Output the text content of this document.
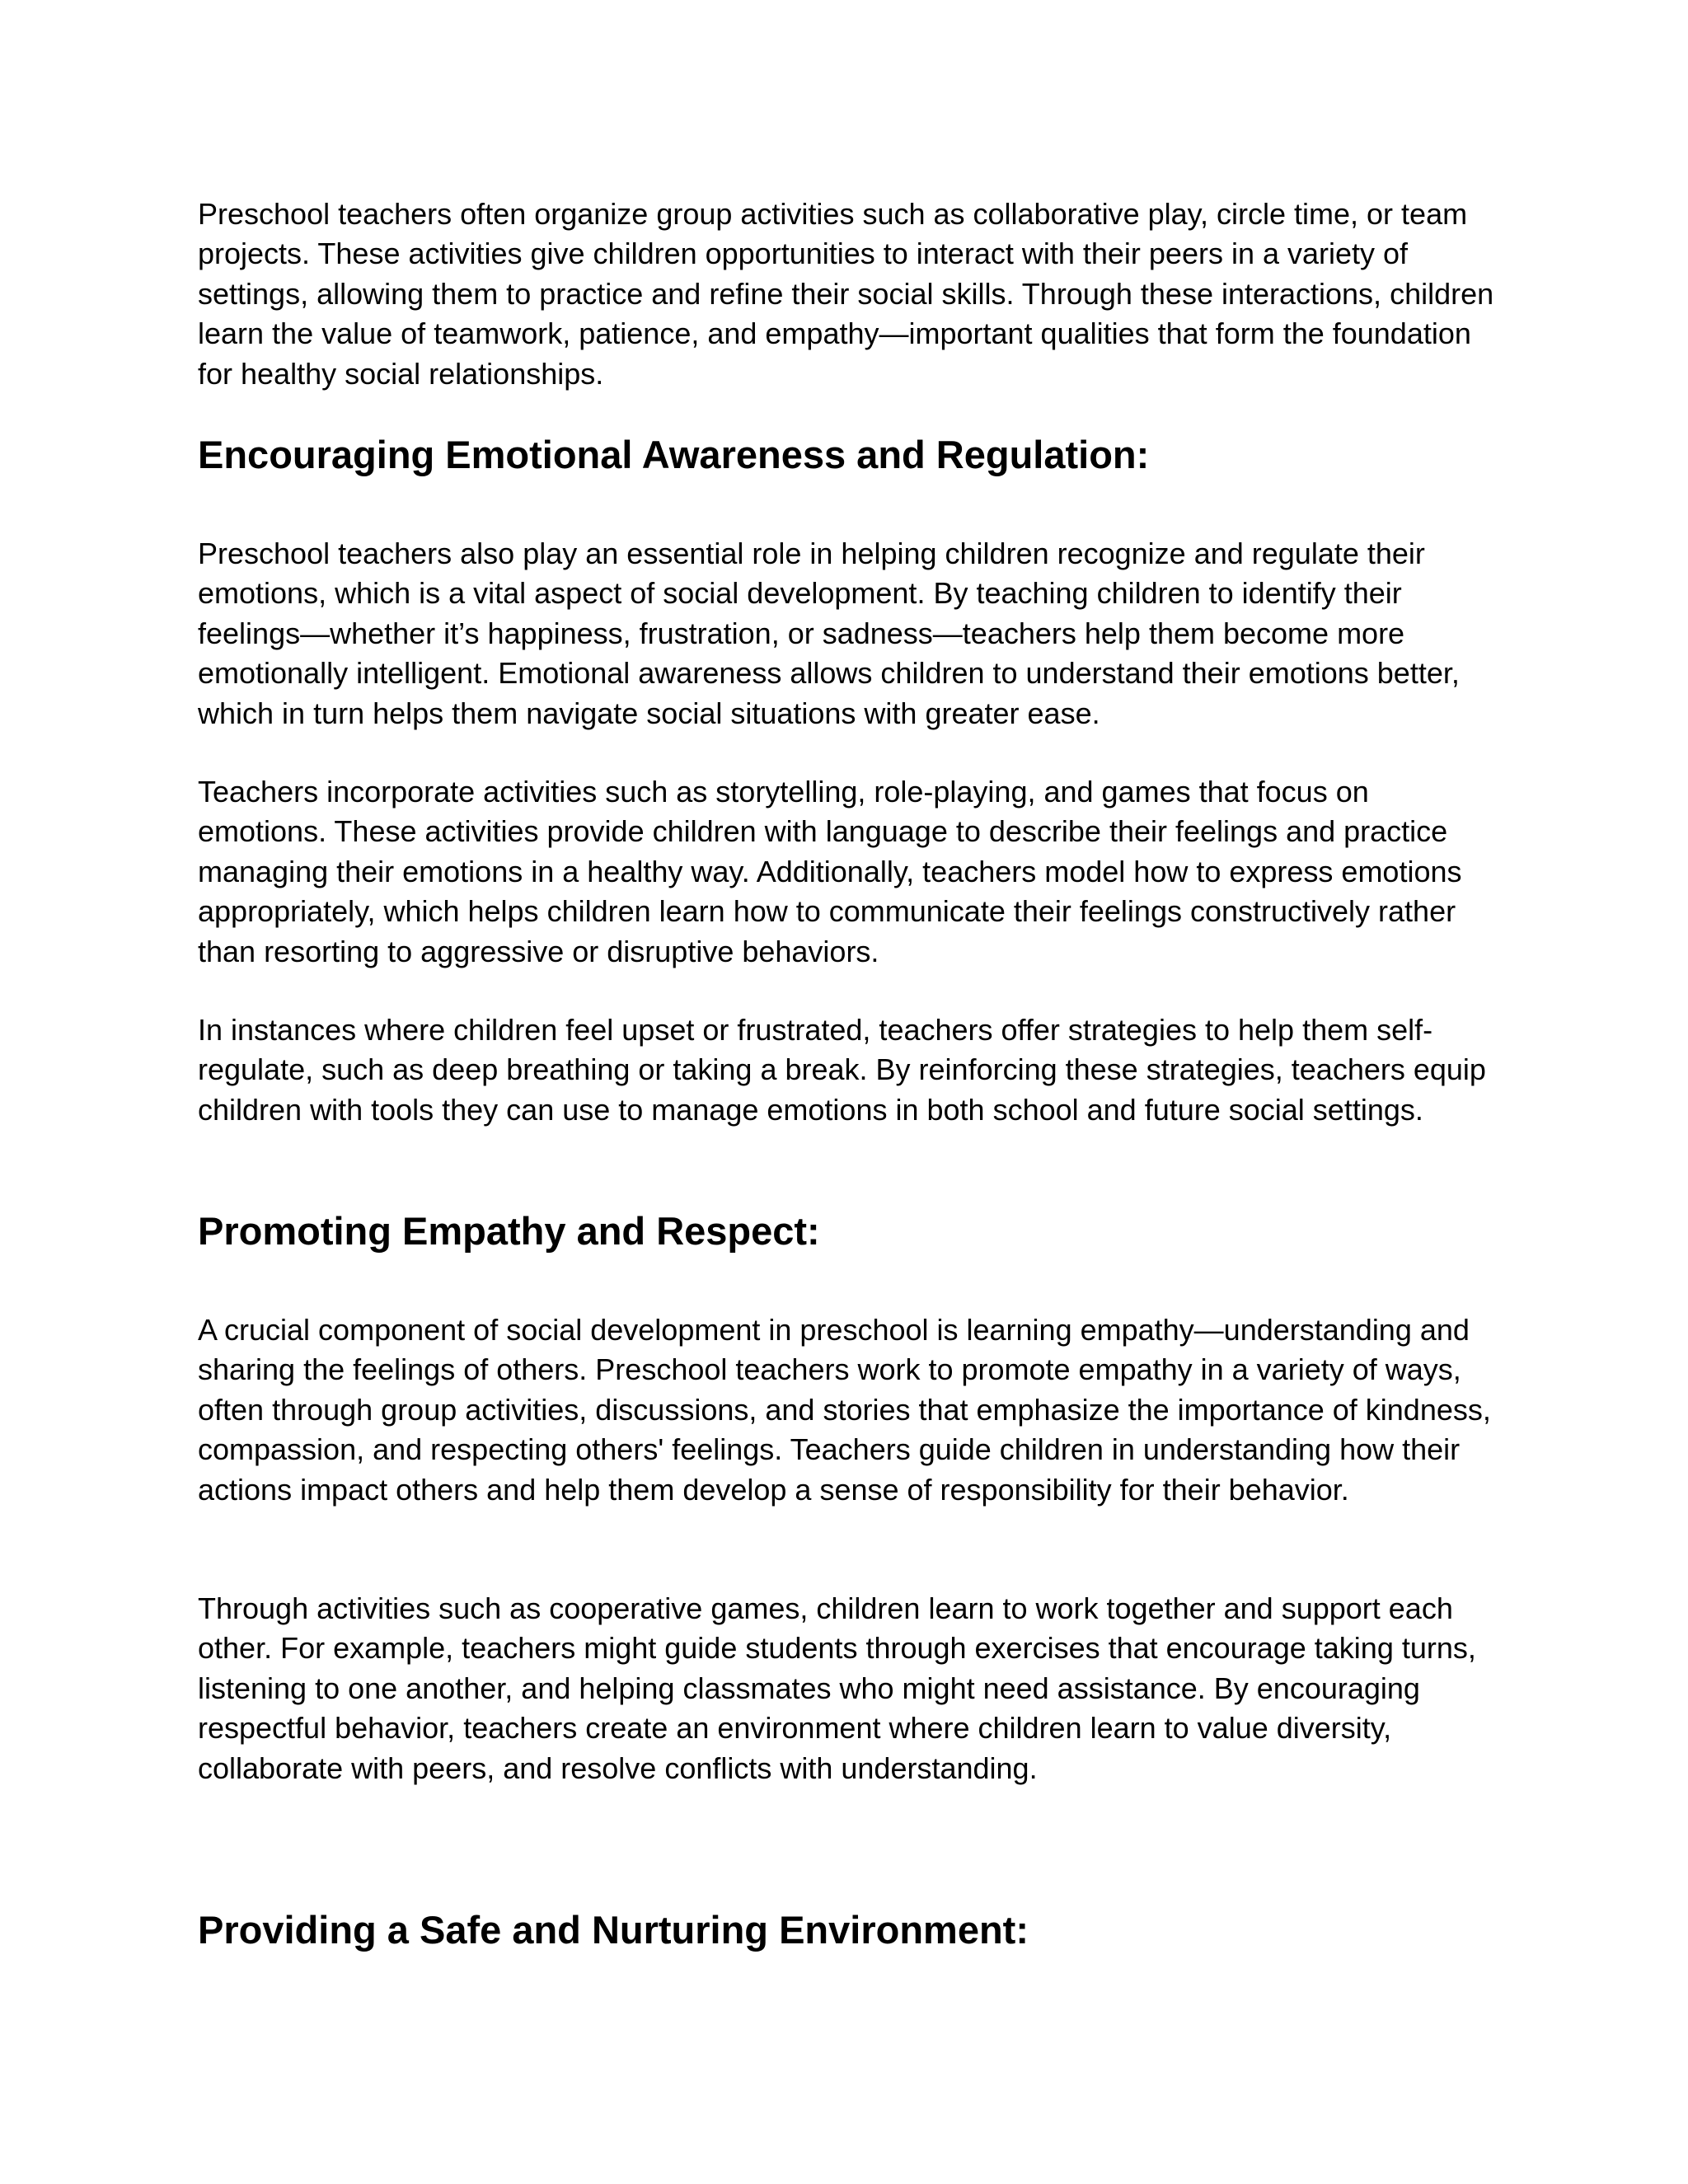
Preschool teachers often organize group activities such as collaborative play, circle time, or team projects. These activities give children opportunities to interact with their peers in a variety of settings, allowing them to practice and refine their social skills. Through these interactions, children learn the value of teamwork, patience, and empathy—important qualities that form the foundation for healthy social relationships.

Encouraging Emotional Awareness and Regulation:

Preschool teachers also play an essential role in helping children recognize and regulate their emotions, which is a vital aspect of social development. By teaching children to identify their feelings—whether it’s happiness, frustration, or sadness—teachers help them become more emotionally intelligent. Emotional awareness allows children to understand their emotions better, which in turn helps them navigate social situations with greater ease.

Teachers incorporate activities such as storytelling, role-playing, and games that focus on emotions. These activities provide children with language to describe their feelings and practice managing their emotions in a healthy way. Additionally, teachers model how to express emotions appropriately, which helps children learn how to communicate their feelings constructively rather than resorting to aggressive or disruptive behaviors.

In instances where children feel upset or frustrated, teachers offer strategies to help them self-regulate, such as deep breathing or taking a break. By reinforcing these strategies, teachers equip children with tools they can use to manage emotions in both school and future social settings.

Promoting Empathy and Respect:

A crucial component of social development in preschool is learning empathy—understanding and sharing the feelings of others. Preschool teachers work to promote empathy in a variety of ways, often through group activities, discussions, and stories that emphasize the importance of kindness, compassion, and respecting others' feelings. Teachers guide children in understanding how their actions impact others and help them develop a sense of responsibility for their behavior.

Through activities such as cooperative games, children learn to work together and support each other. For example, teachers might guide students through exercises that encourage taking turns, listening to one another, and helping classmates who might need assistance. By encouraging respectful behavior, teachers create an environment where children learn to value diversity, collaborate with peers, and resolve conflicts with understanding.

Providing a Safe and Nurturing Environment:
